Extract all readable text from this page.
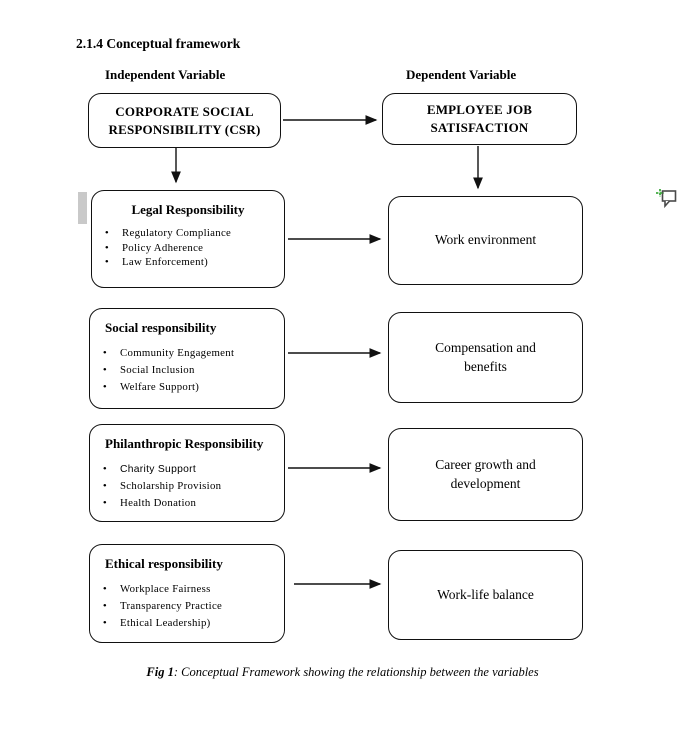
2.1.4 Conceptual framework
Independent Variable	Dependent Variable
CORPORATE SOCIAL RESPONSIBILITY (CSR)
EMPLOYEE JOB SATISFACTION
Legal Responsibility
•	Regulatory Compliance
•	Policy Adherence
•	Law Enforcement)
Social responsibility
•	Community Engagement
•	Social Inclusion
•	Welfare Support)
Philanthropic Responsibility
•	Charity Support
•	Scholarship Provision
•	Health Donation
Ethical responsibility
•	Workplace Fairness
•	Transparency Practice
•	Ethical Leadership)
Work environment
Compensation and benefits
Career growth and development
Work-life balance
Fig 1: Conceptual Framework showing the relationship between the variables
